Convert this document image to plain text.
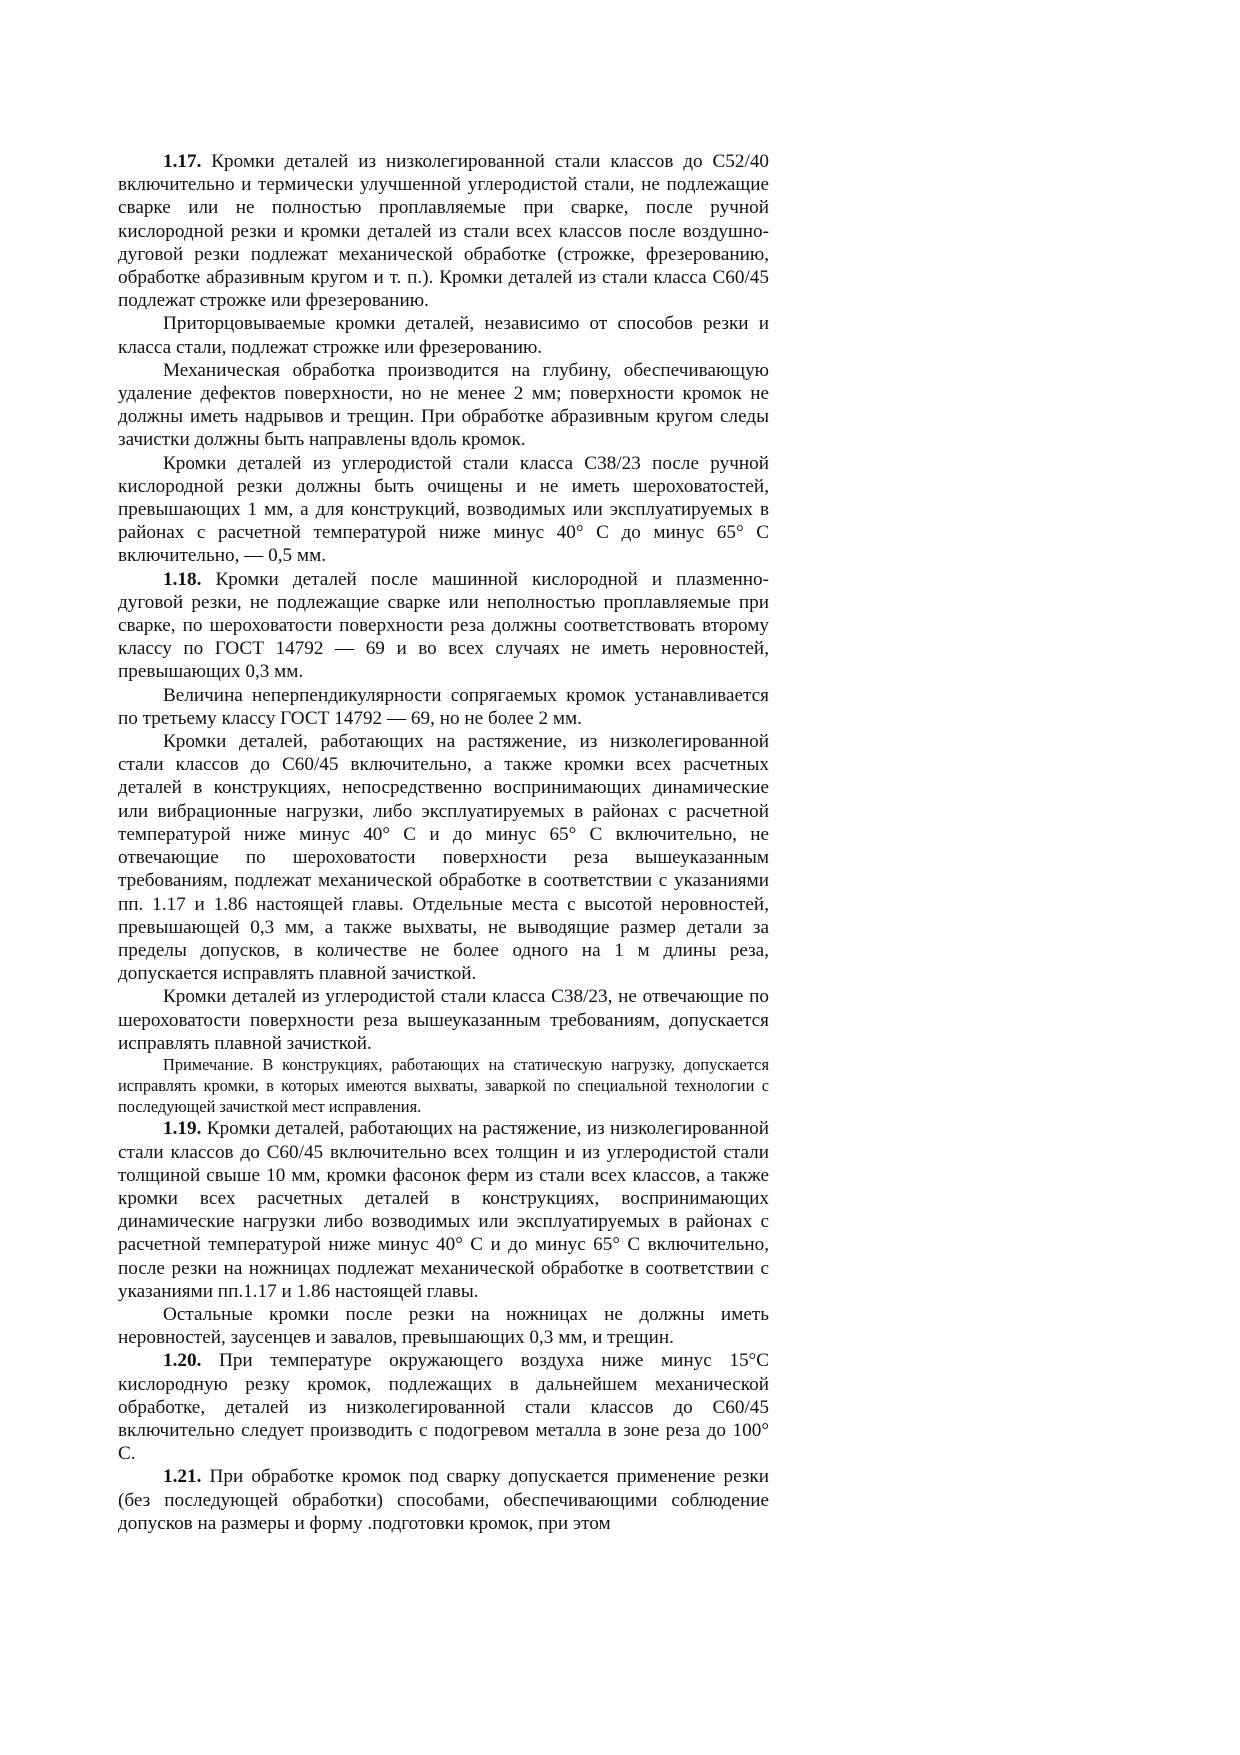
1.17. Кромки деталей из низколегированной стали классов до С52/40 включительно и термически улучшенной углеродистой стали, не подлежащие сварке или не полностью проплавляемые при сварке, после ручной кислородной резки и кромки деталей из стали всех классов после воздушно-дуговой резки подлежат механической обработке (строжке, фрезерованию, обработке абразивным кругом и т. п.). Кромки деталей из стали класса С60/45 подлежат строжке или фрезерованию.

Приторцовываемые кромки деталей, независимо от способов резки и класса стали, подлежат строжке или фрезерованию.

Механическая обработка производится на глубину, обеспечивающую удаление дефектов поверхности, но не менее 2 мм; поверхности кромок не должны иметь надрывов и трещин. При обработке абразивным кругом следы зачистки должны быть направлены вдоль кромок.

Кромки деталей из углеродистой стали класса С38/23 после ручной кислородной резки должны быть очищены и не иметь шероховатостей, превышающих 1 мм, а для конструкций, возводимых или эксплуатируемых в районах с расчетной температурой ниже минус 40° С до минус 65° С включительно, — 0,5 мм.

1.18. Кромки деталей после машинной кислородной и плазменно-дуговой резки, не подлежащие сварке или неполностью проплавляемые при сварке, по шероховатости поверхности реза должны соответствовать второму классу по ГОСТ 14792 — 69 и во всех случаях не иметь неровностей, превышающих 0,3 мм.

Величина неперпендикулярности сопрягаемых кромок устанавливается по третьему классу ГОСТ 14792 — 69, но не более 2 мм.

Кромки деталей, работающих на растяжение, из низколегированной стали классов до С60/45 включительно, а также кромки всех расчетных деталей в конструкциях, непосредственно воспринимающих динамические или вибрационные нагрузки, либо эксплуатируемых в районах с расчетной температурой ниже минус 40° С и до минус 65° С включительно, не отвечающие по шероховатости поверхности реза вышеуказанным требованиям, подлежат механической обработке в соответствии с указаниями пп. 1.17 и 1.86 настоящей главы. Отдельные места с высотой неровностей, превышающей 0,3 мм, а также выхваты, не выводящие размер детали за пределы допусков, в количестве не более одного на 1 м длины реза, допускается исправлять плавной зачисткой.

Кромки деталей из углеродистой стали класса С38/23, не отвечающие по шероховатости поверхности реза вышеуказанным требованиям, допускается исправлять плавной зачисткой.

Примечание. В конструкциях, работающих на статическую нагрузку, допускается исправлять кромки, в которых имеются выхваты, заваркой по специальной технологии с последующей зачисткой мест исправления.

1.19. Кромки деталей, работающих на растяжение, из низколегированной стали классов до С60/45 включительно всех толщин и из углеродистой стали толщиной свыше 10 мм, кромки фасонок ферм из стали всех классов, а также кромки всех расчетных деталей в конструкциях, воспринимающих динамические нагрузки либо возводимых или эксплуатируемых в районах с расчетной температурой ниже минус 40° С и до минус 65° С включительно, после резки на ножницах подлежат механической обработке в соответствии с указаниями пп.1.17 и 1.86 настоящей главы.

Остальные кромки после резки на ножницах не должны иметь неровностей, заусенцев и завалов, превышающих 0,3 мм, и трещин.

1.20. При температуре окружающего воздуха ниже минус 15°С кислородную резку кромок, подлежащих в дальнейшем механической обработке, деталей из низколегированной стали классов до С60/45 включительно следует производить с подогревом металла в зоне реза до 100° С.

1.21. При обработке кромок под сварку допускается применение резки (без последующей обработки) способами, обеспечивающими соблюдение допусков на размеры и форму .подготовки кромок, при этом
